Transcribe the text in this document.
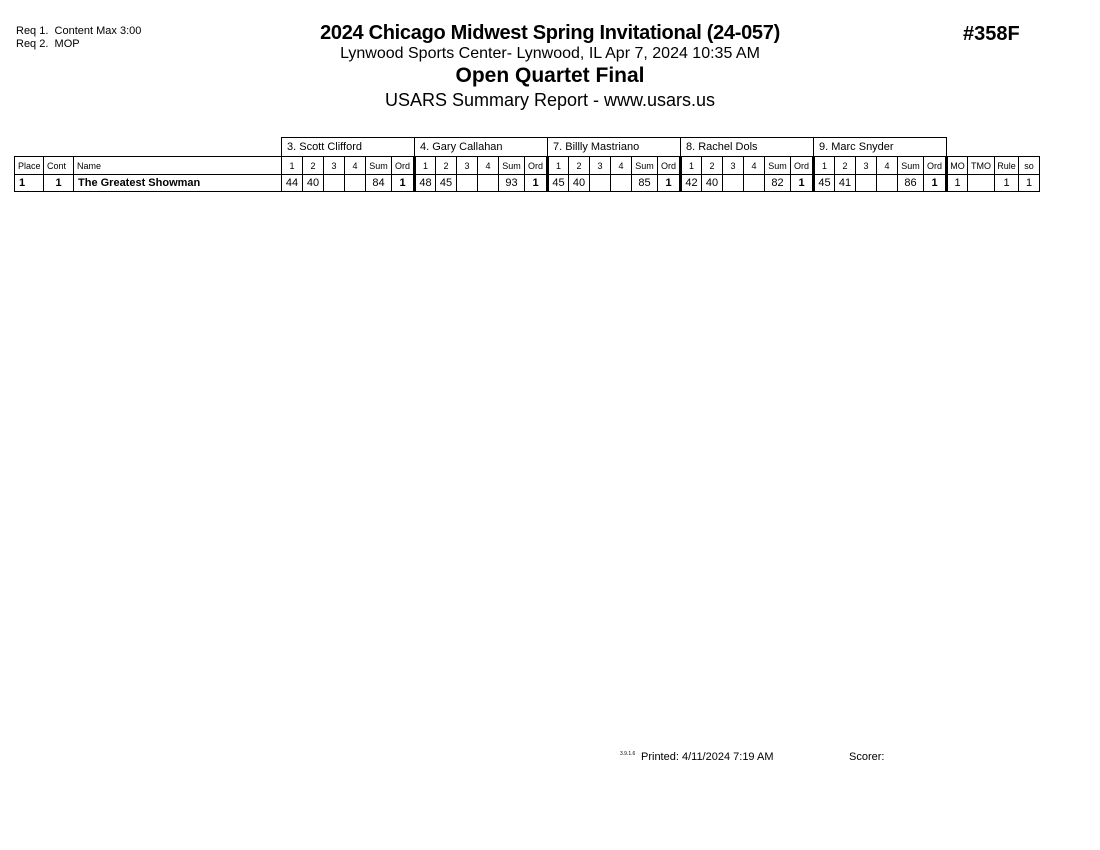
Req 1. Content Max 3:00
Req 2. MOP	2024 Chicago Midwest Spring Invitational (24-057)
Lynwood Sports Center- Lynwood, IL Apr 7, 2024 10:35 AM
Open Quartet Final
USARS Summary Report - www.usars.us
#358F
			3. Scott Clifford						4. Gary Callahan						7. Billly Mastriano						8. Rachel Dols						9. Marc Snyder									
Place	Cont	Name	1	2	3	4	Sum	Ord	1	2	3	4	Sum	Ord	1	2	3	4	Sum	Ord	1	2	3	4	Sum	Ord	1	2	3	4	Sum	Ord	MO	TMO	Rule	so
1	1	The Greatest Showman	44	40			84	1	48	45			93	1	45	40			85	1	42	40			82	1	45	41			86	1	1		1	1
3.9.1.6 Printed: 4/11/2024 7:19 AM	Scorer:
